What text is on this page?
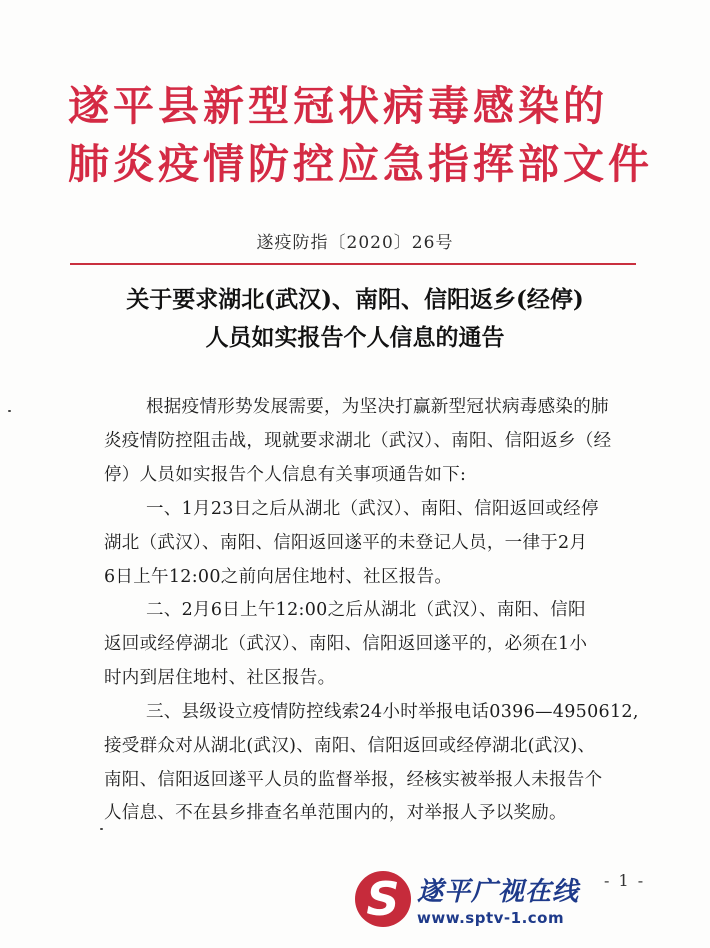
遂平县新型冠状病毒感染的
肺炎疫情防控应急指挥部文件
遂疫防指〔2020〕26号
关于要求湖北(武汉)、南阳、信阳返乡(经停)
人员如实报告个人信息的通告
根据疫情形势发展需要，为坚决打赢新型冠状病毒感染的肺
炎疫情防控阻击战，现就要求湖北（武汉）、南阳、信阳返乡（经
停）人员如实报告个人信息有关事项通告如下:
一、1月23日之后从湖北（武汉）、南阳、信阳返回或经停
湖北（武汉）、南阳、信阳返回遂平的未登记人员，一律于2月
6日上午12:00之前向居住地村、社区报告。
二、2月6日上午12:00之后从湖北（武汉）、南阳、信阳
返回或经停湖北（武汉）、南阳、信阳返回遂平的，必须在1小
时内到居住地村、社区报告。
三、县级设立疫情防控线索24小时举报电话0396—4950612,
接受群众对从湖北(武汉)、南阳、信阳返回或经停湖北(武汉)、
南阳、信阳返回遂平人员的监督举报，经核实被举报人未报告个
人信息、不在县乡排查名单范围内的，对举报人予以奖励。
S 遂平广视在线
www.sptv-1.com
- 1 -
